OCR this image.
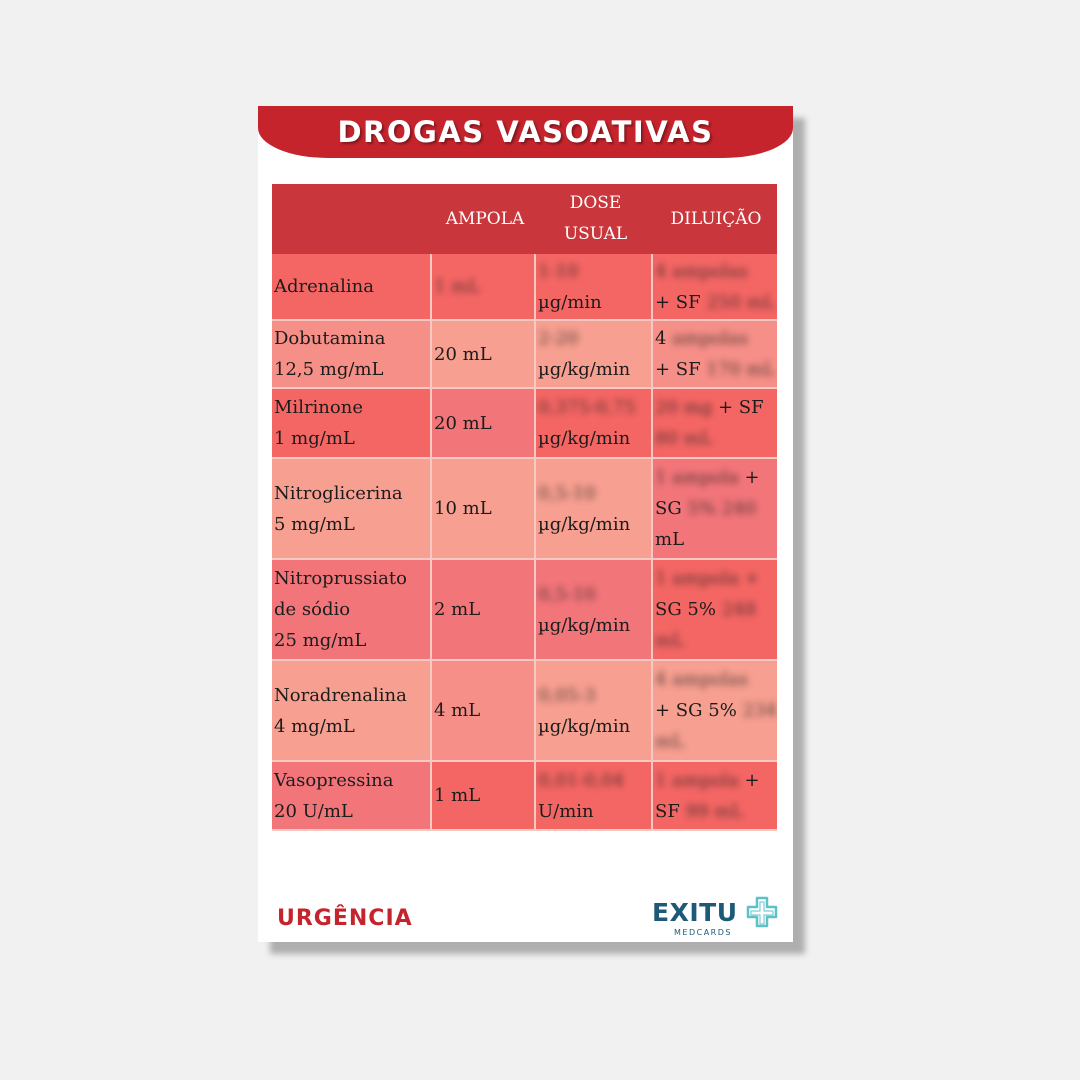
DROGAS VASOATIVAS
AMPOLA
DOSE
USUAL
DILUIÇÃO
Adrenalina	1 mL
1-10
µg/min
4 ampolas
+ SF 250 mL
Dobutamina
12,5 mg/mL
20 mL
2-20
µg/kg/min
4 ampolas
+ SF 170 mL
Milrinone
1 mg/mL
20 mL
0,375-0,75
µg/kg/min
20 mg + SF
80 mL
Nitroglicerina
5 mg/mL
10 mL
0,5-10
µg/kg/min
1 ampola +
SG 5% 240
mL
Nitroprussiato
de sódio
25 mg/mL
2 mL
0,5-10
µg/kg/min
1 ampola +
SG 5% 248
mL
Noradrenalina
4 mg/mL
4 mL
0,05-3
µg/kg/min
4 ampolas
+ SG 5% 234
mL
Vasopressina
20 U/mL
1 mL
0,01-0,04
U/min
1 ampola +
SF 99 mL
URGÊNCIA	EXITU
MEDCARDS
